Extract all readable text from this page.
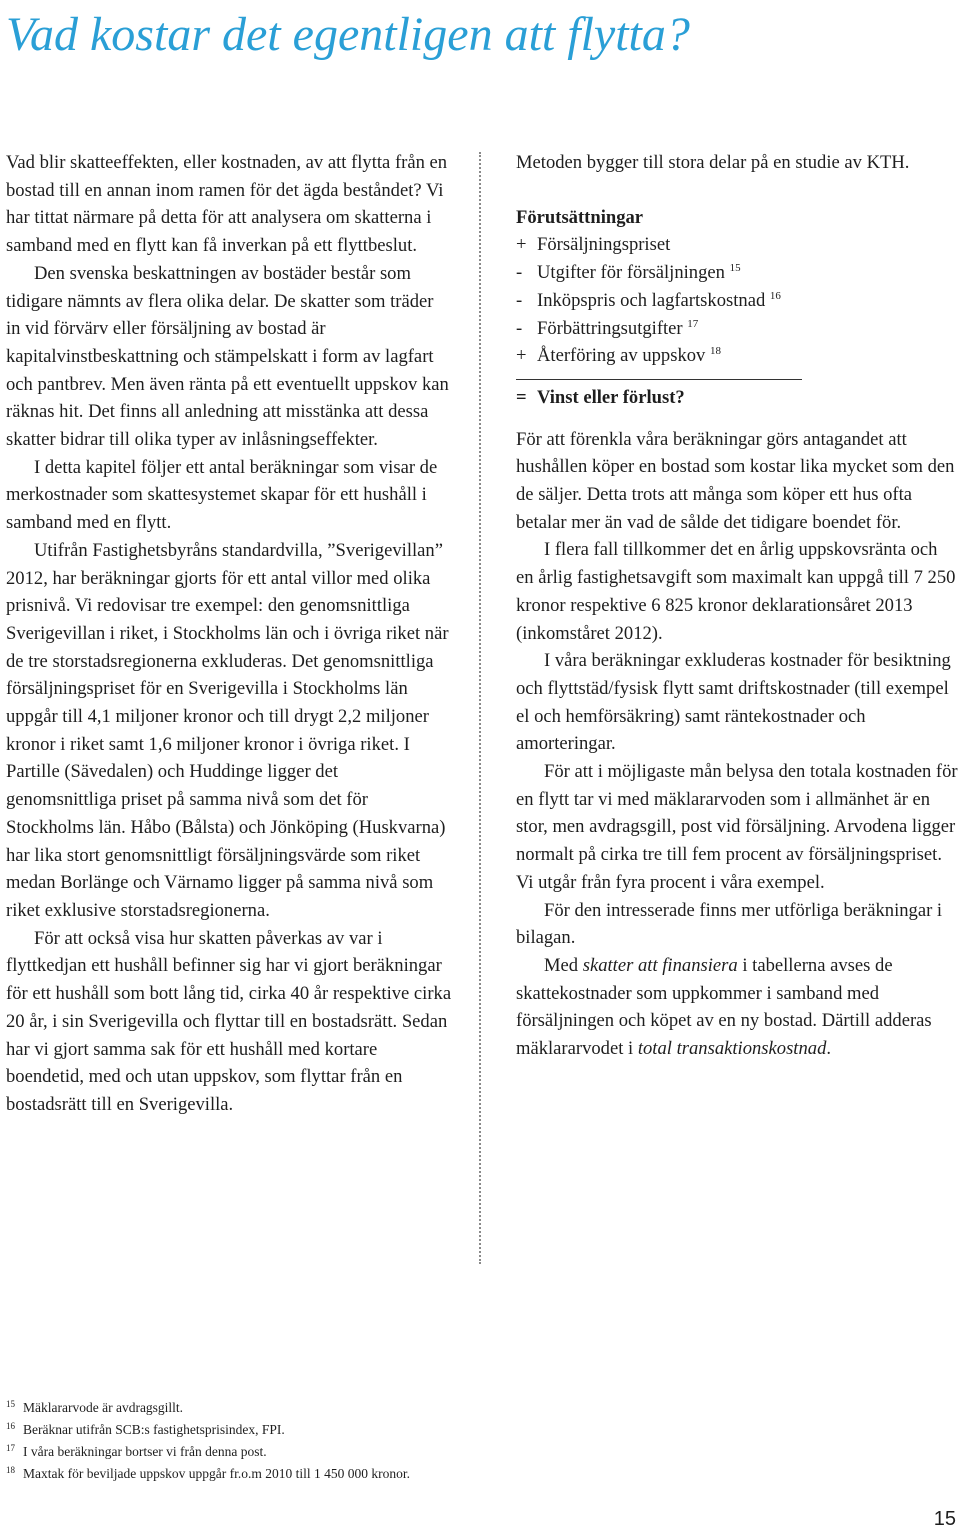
Vad kostar det egentligen att flytta?

Vad blir skatteeffekten, eller kostnaden, av att flytta från en bostad till en annan inom ramen för det ägda beståndet? Vi har tittat närmare på detta för att analysera om skatterna i samband med en flytt kan få inverkan på ett flyttbeslut.

Den svenska beskattningen av bostäder består som tidigare nämnts av flera olika delar. De skatter som träder in vid förvärv eller försäljning av bostad är kapitalvinstbeskattning och stämpelskatt i form av lagfart och pantbrev. Men även ränta på ett eventuellt uppskov kan räknas hit. Det finns all anledning att misstänka att dessa skatter bidrar till olika typer av inlåsningseffekter.

I detta kapitel följer ett antal beräkningar som visar de merkostnader som skattesystemet skapar för ett hushåll i samband med en flytt.

Utifrån Fastighetsbyråns standardvilla, ”Sverigevillan” 2012, har beräkningar gjorts för ett antal villor med olika prisnivå. Vi redovisar tre exempel: den genomsnittliga Sverigevillan i riket, i Stockholms län och i övriga riket när de tre storstadsregionerna exkluderas. Det genomsnittliga försäljningspriset för en Sverigevilla i Stockholms län uppgår till 4,1 miljoner kronor och till drygt 2,2 miljoner kronor i riket samt 1,6 miljoner kronor i övriga riket. I Partille (Sävedalen) och Huddinge ligger det genomsnittliga priset på samma nivå som det för Stockholms län. Håbo (Bålsta) och Jönköping (Huskvarna) har lika stort genomsnittligt försäljningsvärde som riket medan Borlänge och Värnamo ligger på samma nivå som riket exklusive storstadsregionerna.

För att också visa hur skatten påverkas av var i flyttkedjan ett hushåll befinner sig har vi gjort beräkningar för ett hushåll som bott lång tid, cirka 40 år respektive cirka 20 år, i sin Sverigevilla och flyttar till en bostadsrätt. Sedan har vi gjort samma sak för ett hushåll med kortare boendetid, med och utan uppskov, som flyttar från en bostadsrätt till en Sverigevilla.

Metoden bygger till stora delar på en studie av KTH.

Förutsättningar

+ Försäljningspriset
- Utgifter för försäljningen $^{15}$
- Inköpspris och lagfartskostnad $^{16}$
- Förbättringsutgifter $^{17}$
+ Återföring av uppskov $^{18}$
= Vinst eller förlust?

För att förenkla våra beräkningar görs antagandet att hushållen köper en bostad som kostar lika mycket som den de säljer. Detta trots att många som köper ett hus ofta betalar mer än vad de sålde det tidigare boendet för.

I flera fall tillkommer det en årlig uppskovsränta och en årlig fastighetsavgift som maximalt kan uppgå till 7 250 kronor respektive 6 825 kronor deklarationsåret 2013 (inkomståret 2012).

I våra beräkningar exkluderas kostnader för besiktning och flyttstäd/fysisk flytt samt driftskostnader (till exempel el och hemförsäkring) samt räntekostnader och amorteringar.

För att i möjligaste mån belysa den totala kostnaden för en flytt tar vi med mäklararvoden som i allmänhet är en stor, men avdragsgill, post vid försäljning. Arvodena ligger normalt på cirka tre till fem procent av försäljningspriset. Vi utgår från fyra procent i våra exempel.

För den intresserade finns mer utförliga beräkningar i bilagan.

Med skatter att finansiera i tabellerna avses de skattekostnader som uppkommer i samband med försäljningen och köpet av en ny bostad. Därtill adderas mäklararvodet i total transaktionskostnad.

15 Mäklararvode är avdragsgillt.
16 Beräknar utifrån SCB:s fastighetsprisindex, FPI.
17 I våra beräkningar bortser vi från denna post.
18 Maxtak för beviljade uppskov uppgår fr.o.m 2010 till 1 450 000 kronor.
15
